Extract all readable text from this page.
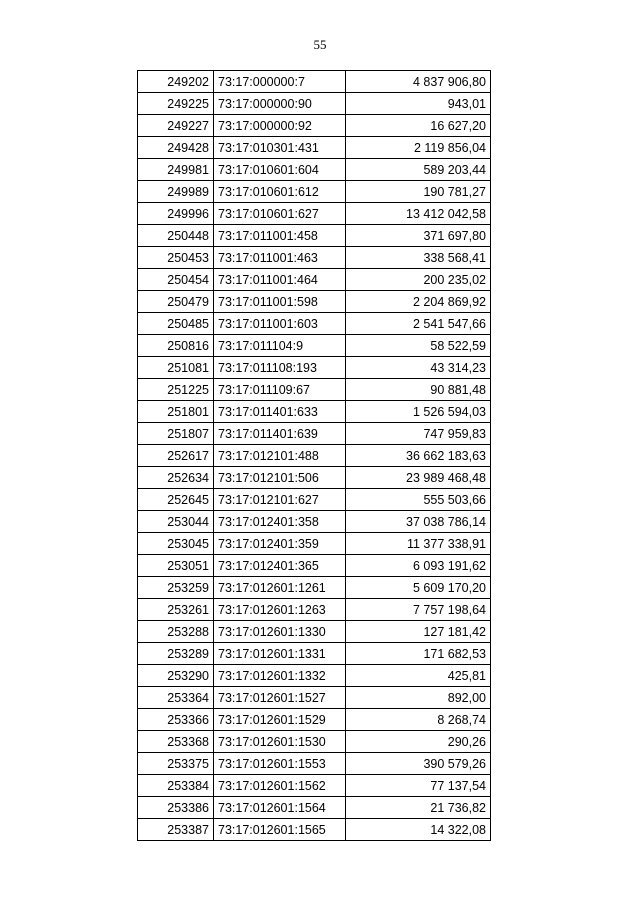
55
249202	73:17:000000:7	4 837 906,80
249225	73:17:000000:90	943,01
249227	73:17:000000:92	16 627,20
249428	73:17:010301:431	2 119 856,04
249981	73:17:010601:604	589 203,44
249989	73:17:010601:612	190 781,27
249996	73:17:010601:627	13 412 042,58
250448	73:17:011001:458	371 697,80
250453	73:17:011001:463	338 568,41
250454	73:17:011001:464	200 235,02
250479	73:17:011001:598	2 204 869,92
250485	73:17:011001:603	2 541 547,66
250816	73:17:011104:9	58 522,59
251081	73:17:011108:193	43 314,23
251225	73:17:011109:67	90 881,48
251801	73:17:011401:633	1 526 594,03
251807	73:17:011401:639	747 959,83
252617	73:17:012101:488	36 662 183,63
252634	73:17:012101:506	23 989 468,48
252645	73:17:012101:627	555 503,66
253044	73:17:012401:358	37 038 786,14
253045	73:17:012401:359	11 377 338,91
253051	73:17:012401:365	6 093 191,62
253259	73:17:012601:1261	5 609 170,20
253261	73:17:012601:1263	7 757 198,64
253288	73:17:012601:1330	127 181,42
253289	73:17:012601:1331	171 682,53
253290	73:17:012601:1332	425,81
253364	73:17:012601:1527	892,00
253366	73:17:012601:1529	8 268,74
253368	73:17:012601:1530	290,26
253375	73:17:012601:1553	390 579,26
253384	73:17:012601:1562	77 137,54
253386	73:17:012601:1564	21 736,82
253387	73:17:012601:1565	14 322,08
